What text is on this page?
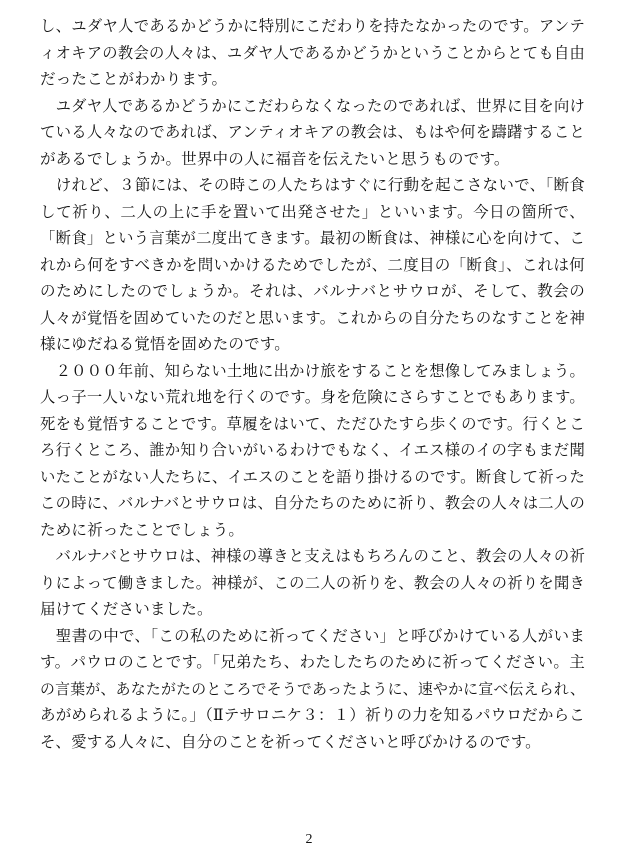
し、ユダヤ人であるかどうかに特別にこだわりを持たなかったのです。アンテ
ィオキアの教会の人々は、ユダヤ人であるかどうかということからとても自由
だったことがわかります。
　ユダヤ人であるかどうかにこだわらなくなったのであれば、世界に目を向け
ている人々なのであれば、アンティオキアの教会は、もはや何を躊躇すること
があるでしょうか。世界中の人に福音を伝えたいと思うものです。
　けれど、３節には、その時この人たちはすぐに行動を起こさないで、「断食
して祈り、二人の上に手を置いて出発させた」といいます。今日の箇所で、
「断食」という言葉が二度出てきます。最初の断食は、神様に心を向けて、こ
れから何をすべきかを問いかけるためでしたが、二度目の「断食」、これは何
のためにしたのでしょうか。それは、バルナバとサウロが、そして、教会の
人々が覚悟を固めていたのだと思います。これからの自分たちのなすことを神
様にゆだねる覚悟を固めたのです。
　２０００年前、知らない土地に出かけ旅をすることを想像してみましょう。
人っ子一人いない荒れ地を行くのです。身を危険にさらすことでもあります。
死をも覚悟することです。草履をはいて、ただひたすら歩くのです。行くとこ
ろ行くところ、誰か知り合いがいるわけでもなく、イエス様のイの字もまだ聞
いたことがない人たちに、イエスのことを語り掛けるのです。断食して祈った
この時に、バルナバとサウロは、自分たちのために祈り、教会の人々は二人の
ために祈ったことでしょう。
　バルナバとサウロは、神様の導きと支えはもちろんのこと、教会の人々の祈
りによって働きました。神様が、この二人の祈りを、教会の人々の祈りを聞き
届けてくださいました。
　聖書の中で、「この私のために祈ってください」と呼びかけている人がいま
す。パウロのことです。「兄弟たち、わたしたちのために祈ってください。主
の言葉が、あなたがたのところでそうであったように、速やかに宣べ伝えられ、
あがめられるように。」（Ⅱテサロニケ３：１）祈りの力を知るパウロだからこ
そ、愛する人々に、自分のことを祈ってくださいと呼びかけるのです。
2
